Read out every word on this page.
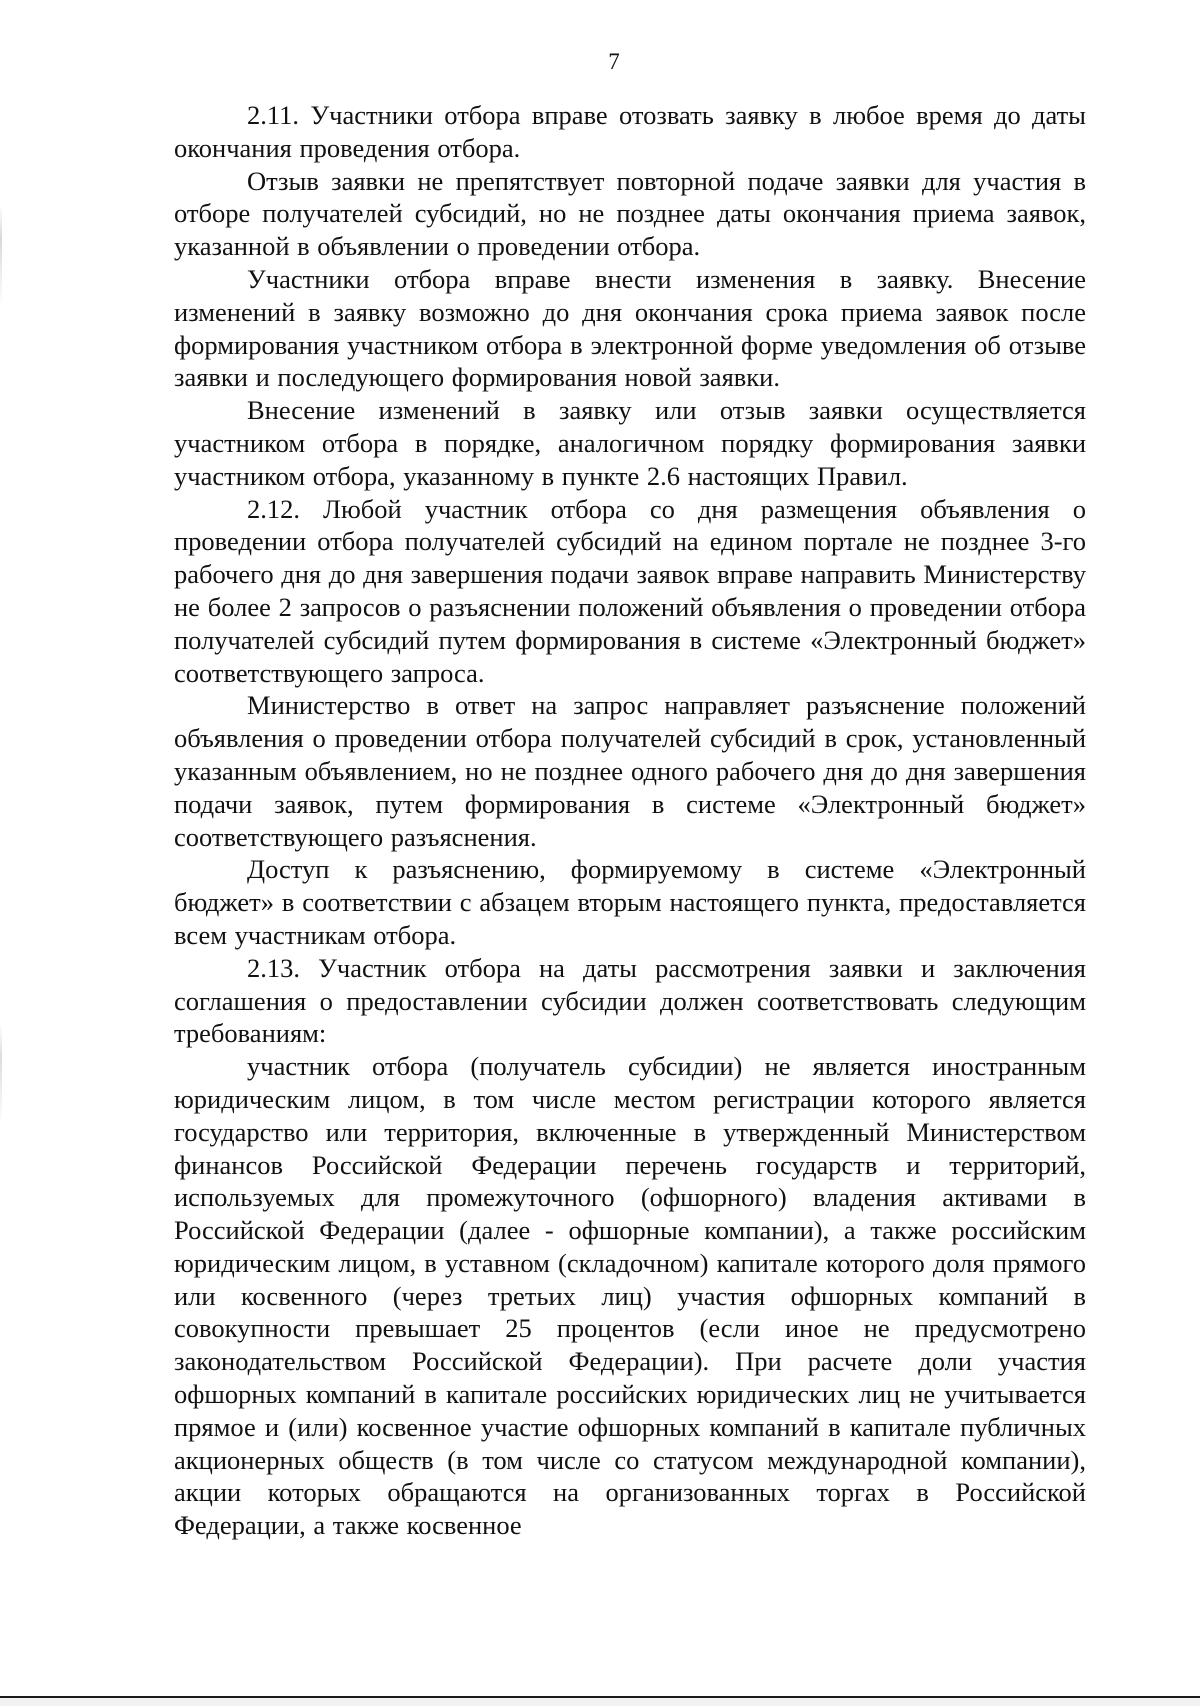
7

2.11. Участники отбора вправе отозвать заявку в любое время до даты окончания проведения отбора.

Отзыв заявки не препятствует повторной подаче заявки для участия в отборе получателей субсидий, но не позднее даты окончания приема заявок, указанной в объявлении о проведении отбора.

Участники отбора вправе внести изменения в заявку. Внесение изменений в заявку возможно до дня окончания срока приема заявок после формирования участником отбора в электронной форме уведомления об отзыве заявки и последующего формирования новой заявки.

Внесение изменений в заявку или отзыв заявки осуществляется участником отбора в порядке, аналогичном порядку формирования заявки участником отбора, указанному в пункте 2.6 настоящих Правил.

2.12. Любой участник отбора со дня размещения объявления о проведении отбора получателей субсидий на едином портале не позднее 3-го рабочего дня до дня завершения подачи заявок вправе направить Министерству не более 2 запросов о разъяснении положений объявления о проведении отбора получателей субсидий путем формирования в системе «Электронный бюджет» соответствующего запроса.

Министерство в ответ на запрос направляет разъяснение положений объявления о проведении отбора получателей субсидий в срок, установленный указанным объявлением, но не позднее одного рабочего дня до дня завершения подачи заявок, путем формирования в системе «Электронный бюджет» соответствующего разъяснения.

Доступ к разъяснению, формируемому в системе «Электронный бюджет» в соответствии с абзацем вторым настоящего пункта, предоставляется всем участникам отбора.

2.13. Участник отбора на даты рассмотрения заявки и заключения соглашения о предоставлении субсидии должен соответствовать следующим требованиям:

участник отбора (получатель субсидии) не является иностранным юридическим лицом, в том числе местом регистрации которого является государство или территория, включенные в утвержденный Министерством финансов Российской Федерации перечень государств и территорий, используемых для промежуточного (офшорного) владения активами в Российской Федерации (далее - офшорные компании), а также российским юридическим лицом, в уставном (складочном) капитале которого доля прямого или косвенного (через третьих лиц) участия офшорных компаний в совокупности превышает 25 процентов (если иное не предусмотрено законодательством Российской Федерации). При расчете доли участия офшорных компаний в капитале российских юридических лиц не учитывается прямое и (или) косвенное участие офшорных компаний в капитале публичных акционерных обществ (в том числе со статусом международной компании), акции которых обращаются на организованных торгах в Российской Федерации, а также косвенное
